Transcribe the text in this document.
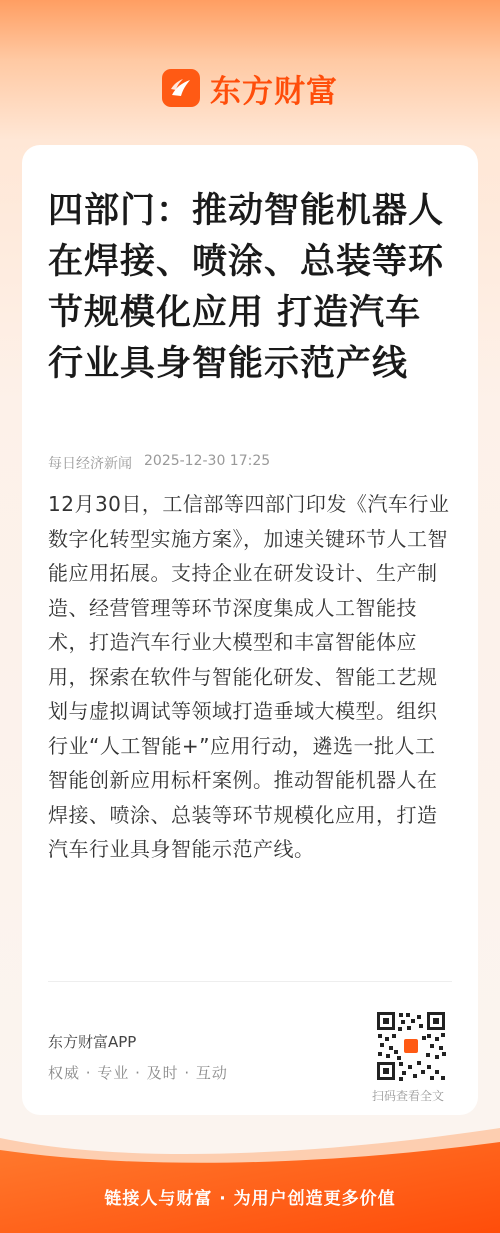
东方财富
四部门：推动智能机器人在焊接、喷涂、总装等环节规模化应用 打造汽车行业具身智能示范产线
每日经济新闻 2025-12-30 17:25

12月30日，工信部等四部门印发《汽车行业数字化转型实施方案》，加速关键环节人工智能应用拓展。支持企业在研发设计、生产制造、经营管理等环节深度集成人工智能技术，打造汽车行业大模型和丰富智能体应用，探索在软件与智能化研发、智能工艺规划与虚拟调试等领域打造垂域大模型。组织行业“人工智能+”应用行动，遴选一批人工智能创新应用标杆案例。推动智能机器人在焊接、喷涂、总装等环节规模化应用，打造汽车行业具身智能示范产线。

东方财富APP
权威 · 专业 · 及时 · 互动
扫码查看全文
链接人与财富 · 为用户创造更多价值
